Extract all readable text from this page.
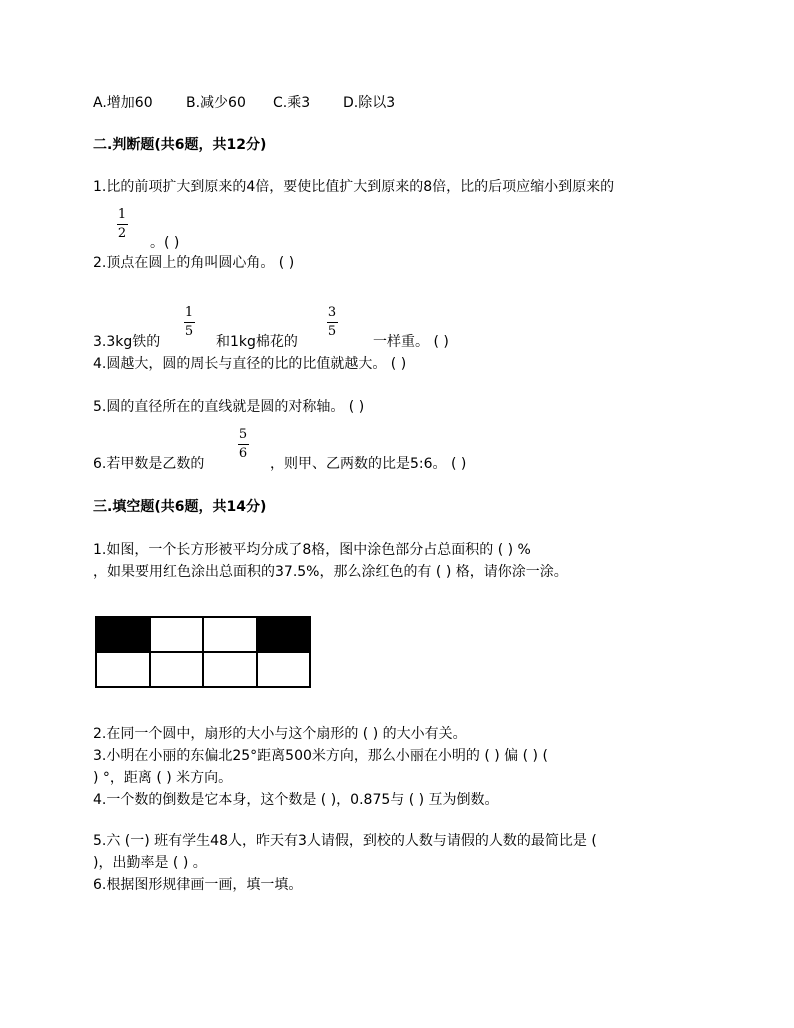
A.增加60 B.减少60 C.乘3 D.除以3
二.判断题(共6题，共12分)
1.比的前项扩大到原来的4倍，要使比值扩大到原来的8倍，比的后项应缩小到原来的
1
2
。( )
2.顶点在圆上的角叫圆心角。 ( )
3.3kg铁的
1
5
和1kg棉花的
3
5
一样重。 ( )
4.圆越大，圆的周长与直径的比的比值就越大。 ( )
5.圆的直径所在的直线就是圆的对称轴。 ( )
6.若甲数是乙数的
5
6
，则甲、乙两数的比是5:6。 ( )
三.填空题(共6题，共14分)
1.如图，一个长方形被平均分成了8格，图中涂色部分占总面积的 ( ) %
，如果要用红色涂出总面积的37.5%，那么涂红色的有 ( ) 格，请你涂一涂。
2.在同一个圆中，扇形的大小与这个扇形的 ( ) 的大小有关。
3.小明在小丽的东偏北25°距离500米方向，那么小丽在小明的 ( ) 偏 ( ) (
) °，距离 ( ) 米方向。
4.一个数的倒数是它本身，这个数是 ( )，0.875与 ( ) 互为倒数。
5.六 (一) 班有学生48人，昨天有3人请假，到校的人数与请假的人数的最简比是 (
)，出勤率是 ( ) 。
6.根据图形规律画一画，填一填。
